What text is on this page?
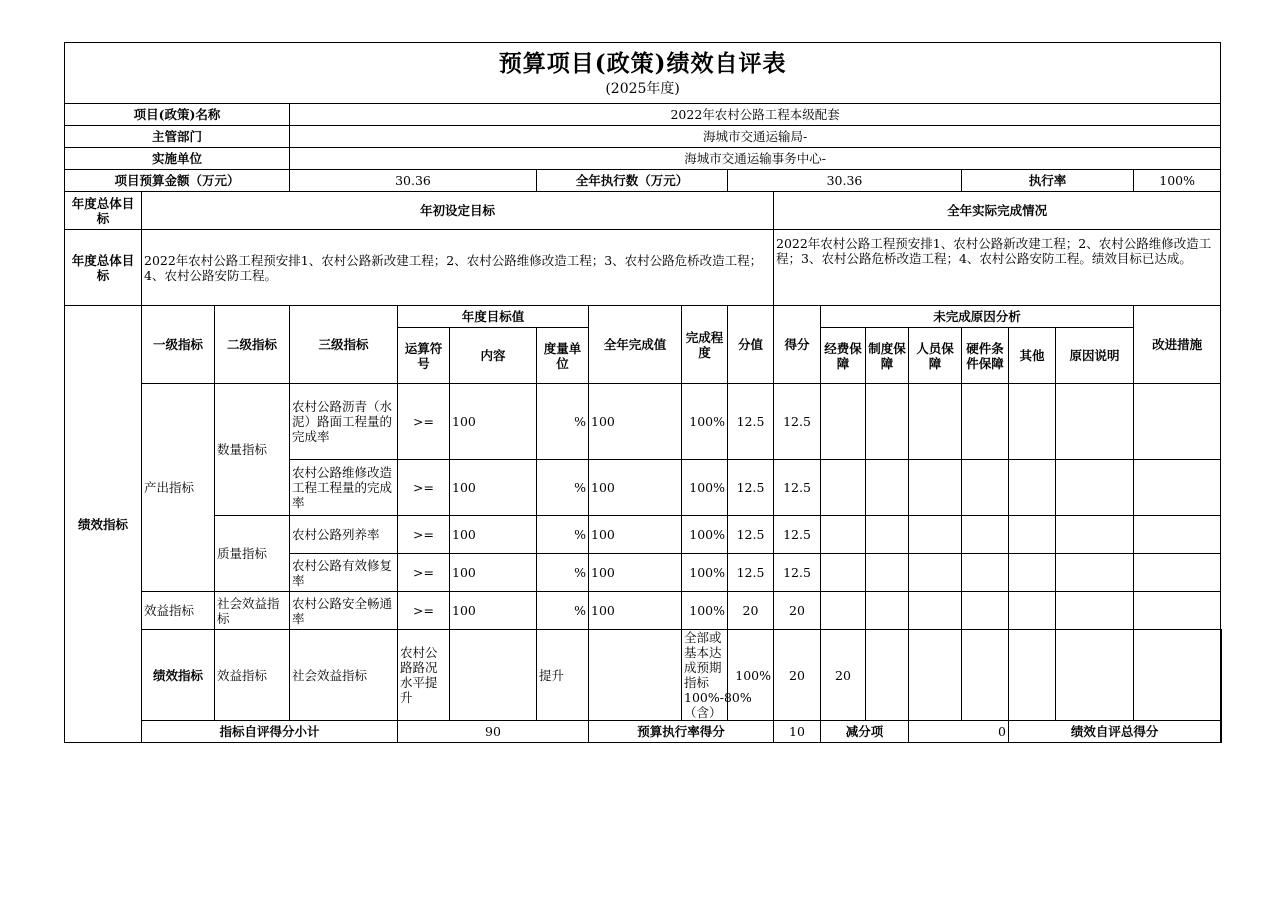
预算项目(政策)绩效自评表
(2025年度)																		

项目(政策)名称			2022年农村公路工程本级配套															
主管部门			海城市交通运输局-															
实施单位			海城市交通运输事务中心-															
项目预算金额（万元）			30.36			全年执行数（万元）			30.36					执行率			100%	
年度总体目标	年初设定目标									全年实际完成情况								
年度总体目标	2022年农村公路工程预安排1、农村公路新改建工程；2、农村公路维修改造工程；3、农村公路危桥改造工程；4、农村公路安防工程。									2022年农村公路工程预安排1、农村公路新改建工程；2、农村公路维修改造工程；3、农村公路危桥改造工程；4、农村公路安防工程。绩效目标已达成。								
绩效指标	一级指标	二级指标	三级指标	年度目标值			全年完成值	完成程度	分值	得分	未完成原因分析						改进措施	
				运算符号	内容	度量单位					经费保障	制度保障	人员保障	硬件条件保障	其他	原因说明		
	产出指标	数量指标	农村公路沥青（水泥）路面工程量的完成率	>=	100	%	100	100%	12.5	12.5								
			农村公路维修改造工程工程量的完成率	>=	100	%	100	100%	12.5	12.5								
		质量指标	农村公路列养率	>=	100	%	100	100%	12.5	12.5								
			农村公路有效修复率	>=	100	%	100	100%	12.5	12.5								
	效益指标	社会效益指标	农村公路安全畅通率	>=	100	%	100	100%	20	20								
	绩效指标	效益指标	社会效益指标	农村公路路况水平提升		提升		全部或基本达成预期指标100%-80%（含）	100%	20	20							
	指标自评得分小计			90			预算执行率得分			10	减分项		0		绩效自评总得分	
